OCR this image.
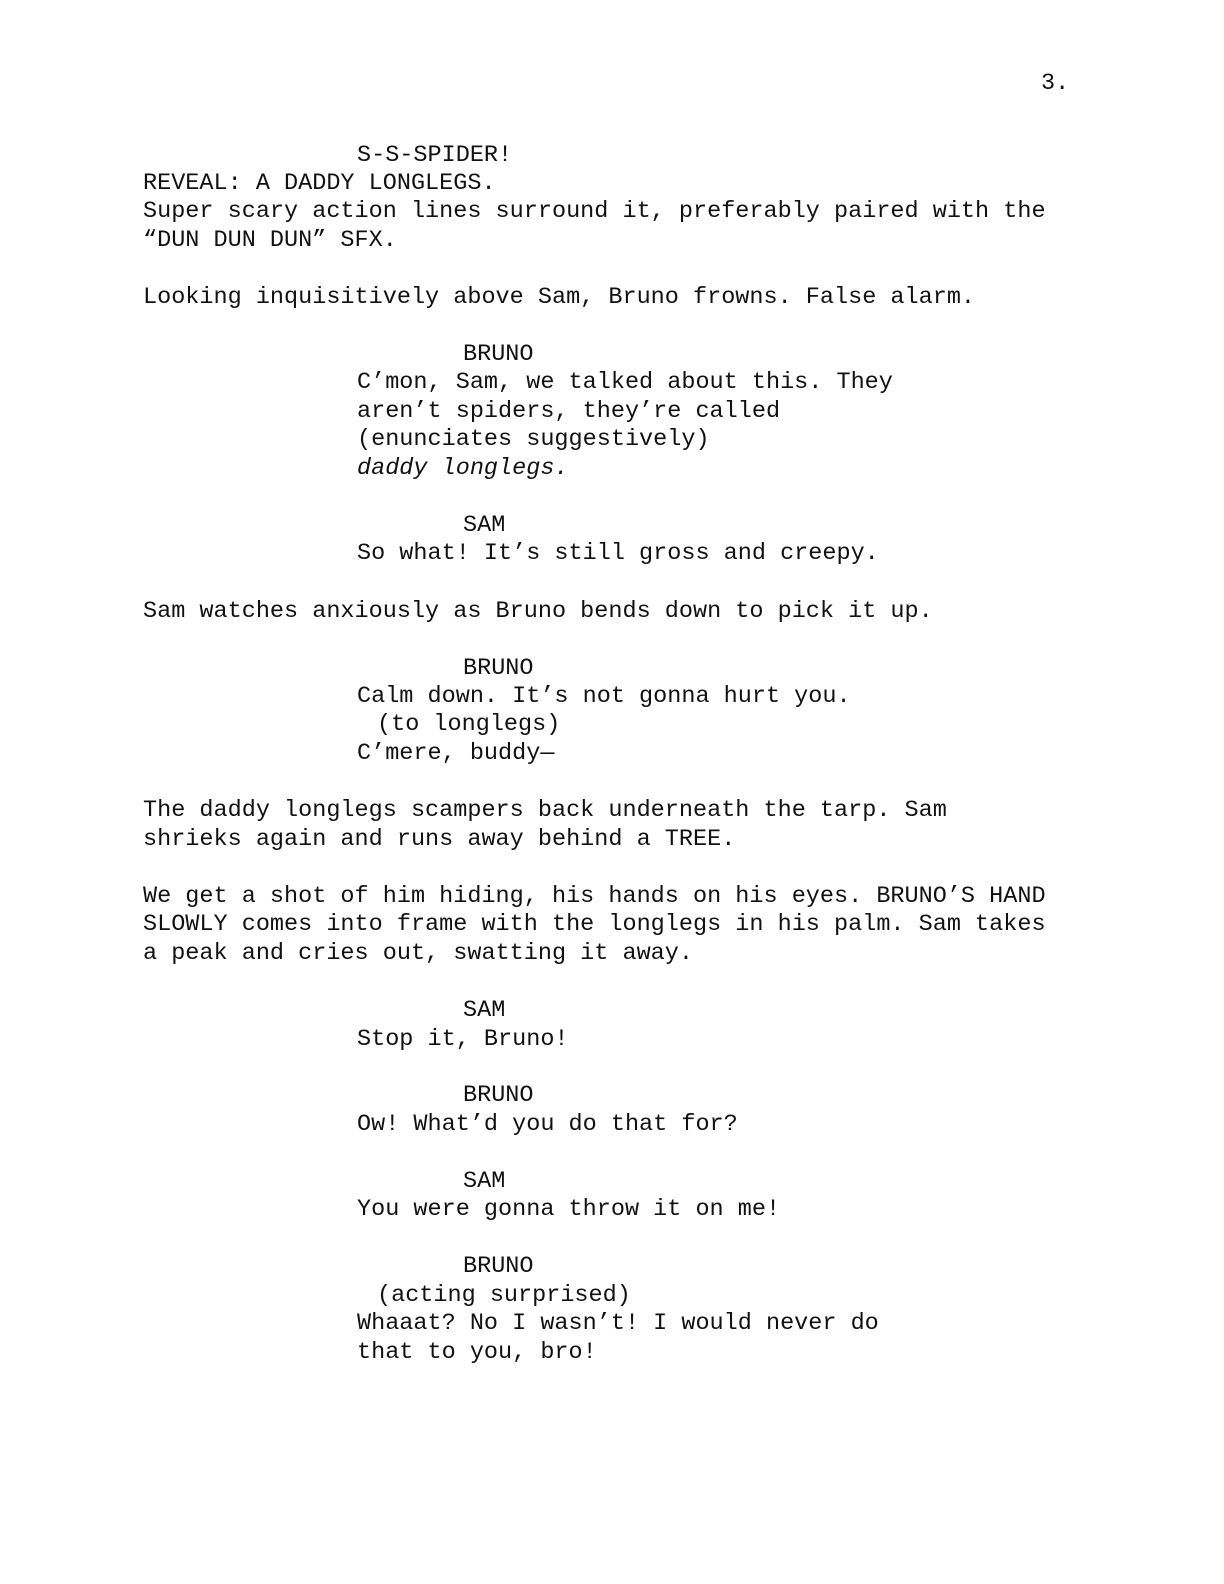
3.
S-S-SPIDER!
REVEAL: A DADDY LONGLEGS.
Super scary action lines surround it, preferably paired with the
“DUN DUN DUN” SFX.
Looking inquisitively above Sam, Bruno frowns. False alarm.
BRUNO
C’mon, Sam, we talked about this. They
aren’t spiders, they’re called
(enunciates suggestively)
daddy longlegs.
SAM
So what! It’s still gross and creepy.
Sam watches anxiously as Bruno bends down to pick it up.
BRUNO
Calm down. It’s not gonna hurt you.
(to longlegs)
C’mere, buddy—
The daddy longlegs scampers back underneath the tarp. Sam
shrieks again and runs away behind a TREE.
We get a shot of him hiding, his hands on his eyes. BRUNO’S HAND
SLOWLY comes into frame with the longlegs in his palm. Sam takes
a peak and cries out, swatting it away.
SAM
Stop it, Bruno!
BRUNO
Ow! What’d you do that for?
SAM
You were gonna throw it on me!
BRUNO
(acting surprised)
Whaaat? No I wasn’t! I would never do
that to you, bro!
